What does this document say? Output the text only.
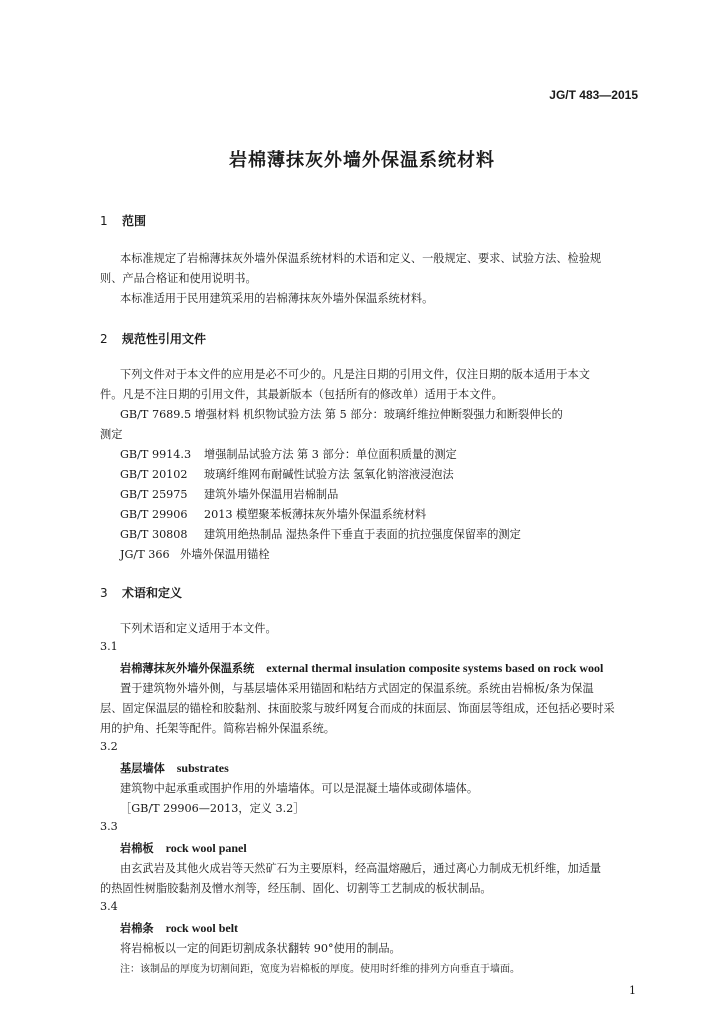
JG/T 483—2015
岩棉薄抹灰外墙外保温系统材料
1 范围
本标准规定了岩棉薄抹灰外墙外保温系统材料的术语和定义、一般规定、要求、试验方法、检验规
则、产品合格证和使用说明书。
本标准适用于民用建筑采用的岩棉薄抹灰外墙外保温系统材料。
2 规范性引用文件
下列文件对于本文件的应用是必不可少的。凡是注日期的引用文件，仅注日期的版本适用于本文
件。凡是不注日期的引用文件，其最新版本（包括所有的修改单）适用于本文件。
GB/T 7689.5 增强材料 机织物试验方法 第 5 部分：玻璃纤维拉伸断裂强力和断裂伸长的
测定
GB/T 9914.3 增强制品试验方法 第 3 部分：单位面积质量的测定
GB/T 20102 玻璃纤维网布耐碱性试验方法 氢氧化钠溶液浸泡法
GB/T 25975 建筑外墙外保温用岩棉制品
GB/T 29906 2013 模塑聚苯板薄抹灰外墙外保温系统材料
GB/T 30808 建筑用绝热制品 湿热条件下垂直于表面的抗拉强度保留率的测定
JG/T 366 外墙外保温用锚栓
3 术语和定义
下列术语和定义适用于本文件。
3.1
岩棉薄抹灰外墙外保温系统 external thermal insulation composite systems based on rock wool
置于建筑物外墙外侧，与基层墙体采用锚固和粘结方式固定的保温系统。系统由岩棉板/条为保温
层、固定保温层的锚栓和胶黏剂、抹面胶浆与玻纤网复合而成的抹面层、饰面层等组成，还包括必要时采
用的护角、托架等配件。简称岩棉外保温系统。
3.2
基层墙体 substrates
建筑物中起承重或围护作用的外墙墙体。可以是混凝土墙体或砌体墙体。
［GB/T 29906—2013，定义 3.2］
3.3
岩棉板 rock wool panel
由玄武岩及其他火成岩等天然矿石为主要原料，经高温熔融后，通过离心力制成无机纤维，加适量
的热固性树脂胶黏剂及憎水剂等，经压制、固化、切割等工艺制成的板状制品。
3.4
岩棉条 rock wool belt
将岩棉板以一定的间距切割成条状翻转 90°使用的制品。
注：该制品的厚度为切割间距，宽度为岩棉板的厚度。使用时纤维的排列方向垂直于墙面。
1
